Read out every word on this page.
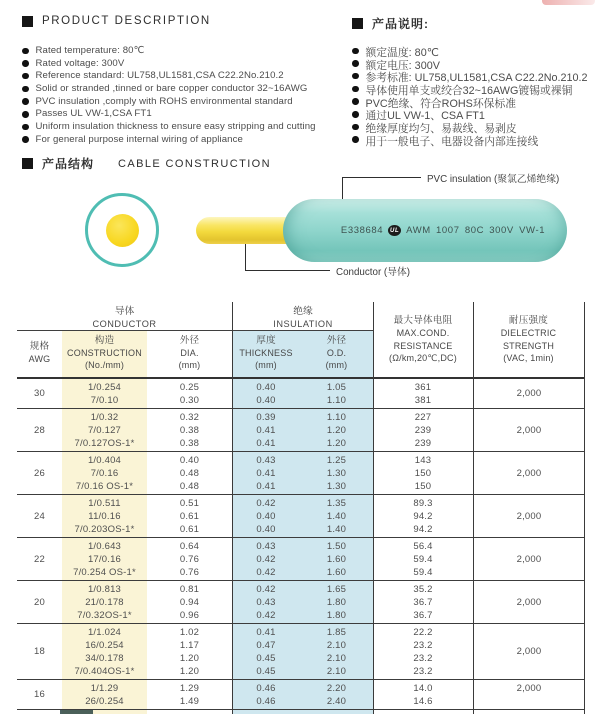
PRODUCT DESCRIPTION
Rated temperature: 80℃
Rated voltage: 300V
Reference standard: UL758,UL1581,CSA C22.2No.210.2
Solid or stranded ,tinned or bare copper conductor 32~16AWG
PVC insulation ,comply with ROHS environmental standard
Passes UL VW-1,CSA FT1
Uniform insulation thickness to ensure easy stripping and cutting
For general purpose internal wiring of appliance
产品说明:
额定温度: 80℃
额定电压: 300V
参考标准: UL758,UL1581,CSA C22.2No.210.2
导体使用单支或绞合32~16AWG镀锡或裸铜
PVC绝缘、符合ROHS环保标准
通过UL VW-1、CSA FT1
绝缘厚度均匀、易裁线、易剥皮
用于一般电子、电器设备内部连接线
产品结构 CABLE CONSTRUCTION
E338684	UL AWM 1007 80C 300V VW-1
PVC insulation (聚氯乙烯绝缘)
Conductor (导体)
导体
CONDUCTOR
绝缘
INSULATION	最大导体电阻
MAX.COND.
RESISTANCE
(Ω/km,20℃,DC)
耐压强度
DIELECTRIC
STRENGTH
(VAC, 1min)
规格
AWG
构造
CONSTRUCTION
(No./mm)
外径
DIA.
(mm)
厚度
THICKNESS
(mm)
外径
O.D.
(mm)
30
1/0.254
7/0.10
0.25
0.30
0.40
0.40
1.05
1.10
361
381
2,000
28
1/0.32
7/0.127
7/0.127OS-1*
0.32
0.38
0.38
0.39
0.41
0.41
1.10
1.20
1.20
227
239
239
2,000
26
1/0.404
7/0.16
7/0.16 OS-1*
0.40
0.48
0.48
0.43
0.41
0.41
1.25
1.30
1.30
143
150
150
2,000
24
1/0.511
11/0.16
7/0.203OS-1*
0.51
0.61
0.61
0.42
0.40
0.40
1.35
1.40
1.40
89.3
94.2
94.2
2,000
22
1/0.643
17/0.16
7/0.254 OS-1*
0.64
0.76
0.76
0.43
0.42
0.42
1.50
1.60
1.60
56.4
59.4
59.4
2,000
20
1/0.813
21/0.178
7/0.32OS-1*
0.81
0.94
0.96
0.42
0.43
0.42
1.65
1.80
1.80
35.2
36.7
36.7
2,000
18
1/1.024
16/0.254
34/0.178
7/0.404OS-1*
1.02
1.17
1.20
1.20
0.41
0.47
0.45
0.45
1.85
2.10
2.10
2.10
22.2
23.2
23.2
23.2
2,000
16
1/1.29
26/0.254
1.29
1.49
0.46
0.46
2.20
2.40
14.0
14.6
2,000
